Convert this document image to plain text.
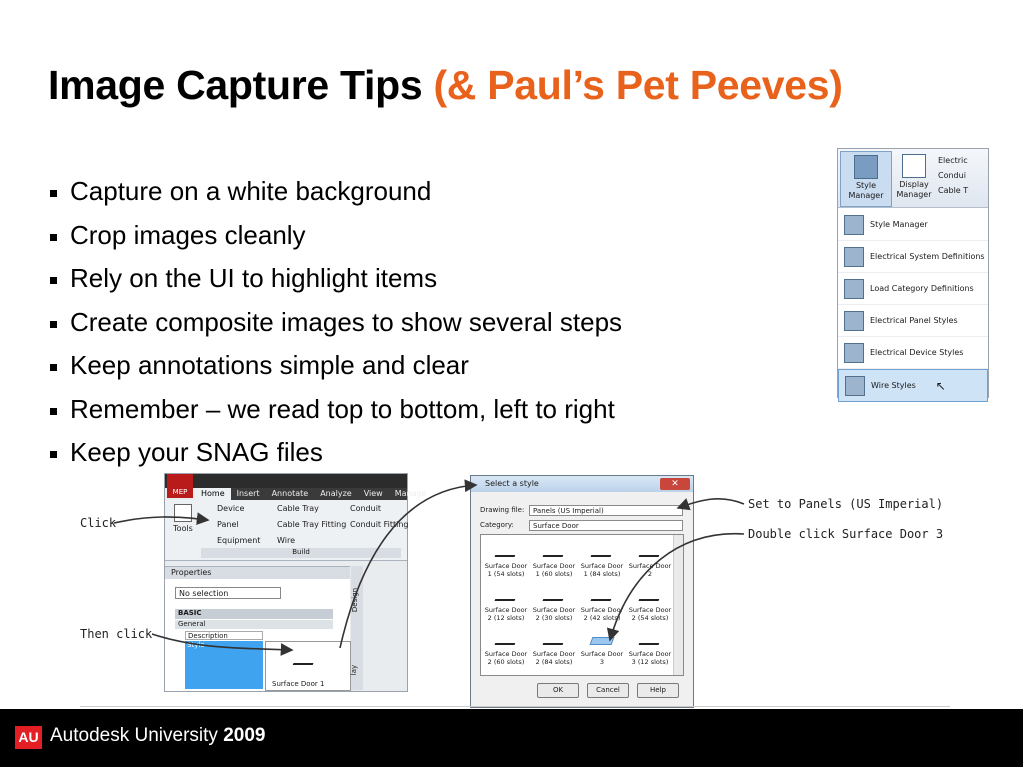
Image Capture Tips (& Paul’s Pet Peeves)
Capture on a white background
Crop images cleanly
Rely on the UI to highlight items
Create composite images to show several steps
Keep annotations simple and clear
Remember – we read top to bottom, left to right
Keep your SNAG files
Style
Manager
Display
Manager
Electric
Condui
Cable T
Style Manager
Electrical System Definitions
Load Category Definitions
Electrical Panel Styles
Electrical Device Styles
Wire Styles ↖
MEP	Home	Insert	Annotate	Analyze	View	Manage
Tools
Device	Cable Tray	Conduit
Panel	Cable Tray Fitting Conduit Fitting
Equipment Wire
Build
Properties
No selection
BASIC
General
Description
Style
Surface Door 1
Design
lay
Select a style	✕
Drawing file:	Panels (US Imperial)
Category:	Surface Door
Surface Door
1 (54 slots)
Surface Door
1 (60 slots)
Surface Door
1 (84 slots)
Surface Door
2
Surface Door
2 (12 slots)
Surface Door
2 (30 slots)
Surface Door
2 (42 slots)
Surface Door
2 (54 slots)
Surface Door
2 (60 slots)
Surface Door
2 (84 slots)
Surface Door
3
Surface Door
3 (12 slots)
OK	Cancel	Help
Click
Then click
Set to Panels (US Imperial)
Double click Surface Door 3
AU Autodesk University 2009
